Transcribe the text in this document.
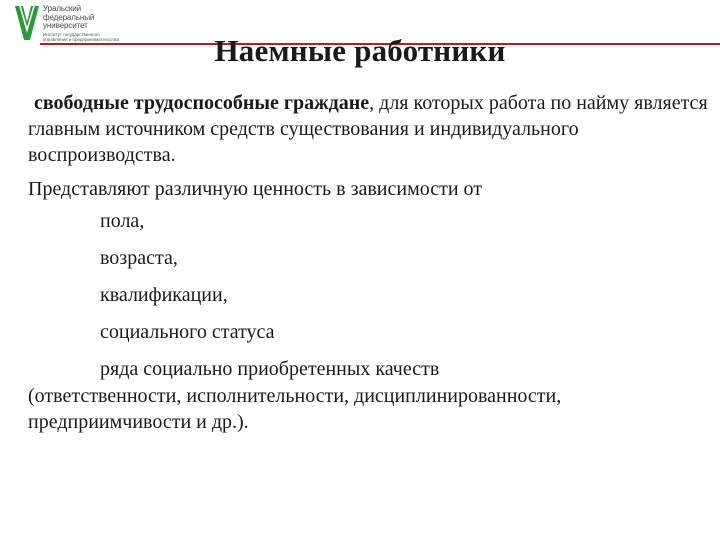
Уральский
федеральный
университет
Институт государственного
управления и предпринимательства	Наемные работники

свободные трудоспособные граждане, для которых работа по найму является главным источником средств существования и индивидуального воспроизводства.

Представляют различную ценность в зависимости от

пола,
возраста,
квалификации,
социального статуса
ряда социально приобретенных качеств

(ответственности, исполнительности, дисциплинированности, предприимчивости и др.).
